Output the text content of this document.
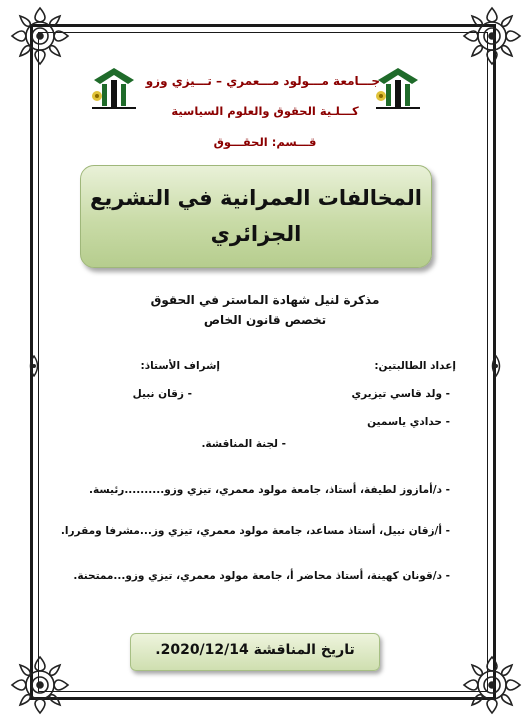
جـــامعة مـــولود مـــعمري – تـــيزي وزو
كـــلـية الحقوق والعلوم السياسية
قـــسم: الحقـــوق
المخالفات العمرانية في التشريع الجزائري
مذكرة لنيل شهادة الماستر في الحقوق
تخصص قانون الخاص
إعداد الطالبتين:
إشراف الأستاذ:
- ولد قاسي تيزيري
- زقان نبيل
- حدادي ياسمين
- لجنة المناقشة.
- د/أمازوز لطيفة، أستاذ، جامعة مولود معمري، تيزي وزو..........رئيسة.
- أ/زقان نبيل، أستاذ مساعد، جامعة مولود معمري، تيزي وز...مشرفا ومقررا.
- د/قونان كهينة، أستاذ محاضر أ، جامعة مولود معمري، تيزي وزو...ممتحنة.
تاريخ المناقشة 2020/12/14.
